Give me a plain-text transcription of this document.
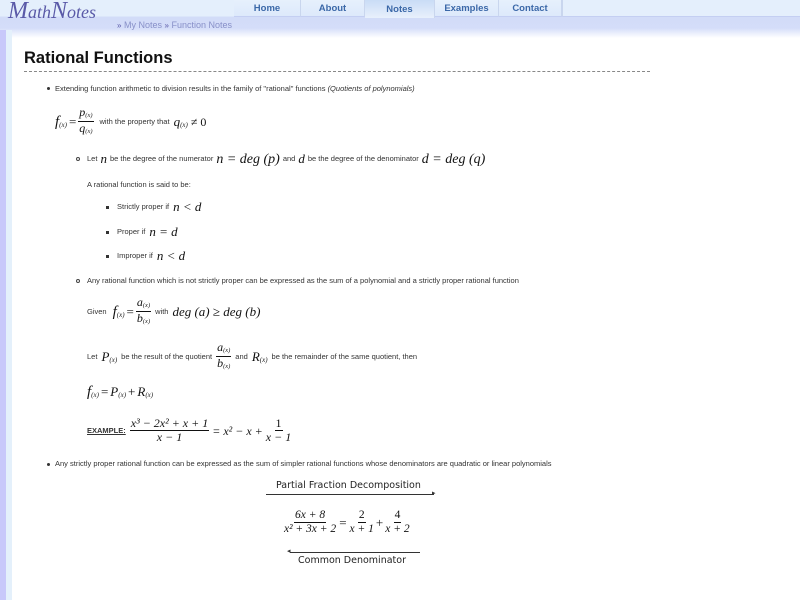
MathNotes
» My Notes » Function Notes
Home	About	Notes	Examples	Contact
Rational Functions
Extending function arithmetic to division results in the family of "rational" functions (Quotients of polynomials)
f $(x) = \frac{p(x)}{q(x)}$ with the property that q (x) ≠ 0
Let n be the degree of the numerator n = deg (p) and d be the degree of the denominator d = deg (q)
A rational function is said to be:
Strictly proper if n < d
Proper if n = d
Improper if n < d
Any rational function which is not strictly proper can be expressed as the sum of a polynomial and a strictly proper rational function
Given f $(x) = \frac{a(x)}{b(x)}$ with deg (a) ≥ deg (b)
Let P (x) be the result of the quotient $\frac{a(x)}{b(x)}$ and R (x) be the remainder of the same quotient, then
f (x) = P (x) + R (x)
EXAMPLE: $\frac{\text{x³ − 2x² + x + 1}}{x - 1} = x^2 - x + \frac{1}{x - 1}$
Any strictly proper rational function can be expressed as the sum of simpler rational functions whose denominators are quadratic or linear polynomials
Partial Fraction Decomposition
▸
$\frac{6x + 8}{\text{x² + 3x + 2}} = \frac{2}{x + 1} + \frac{4}{x + 2}$
◂
Common Denominator
